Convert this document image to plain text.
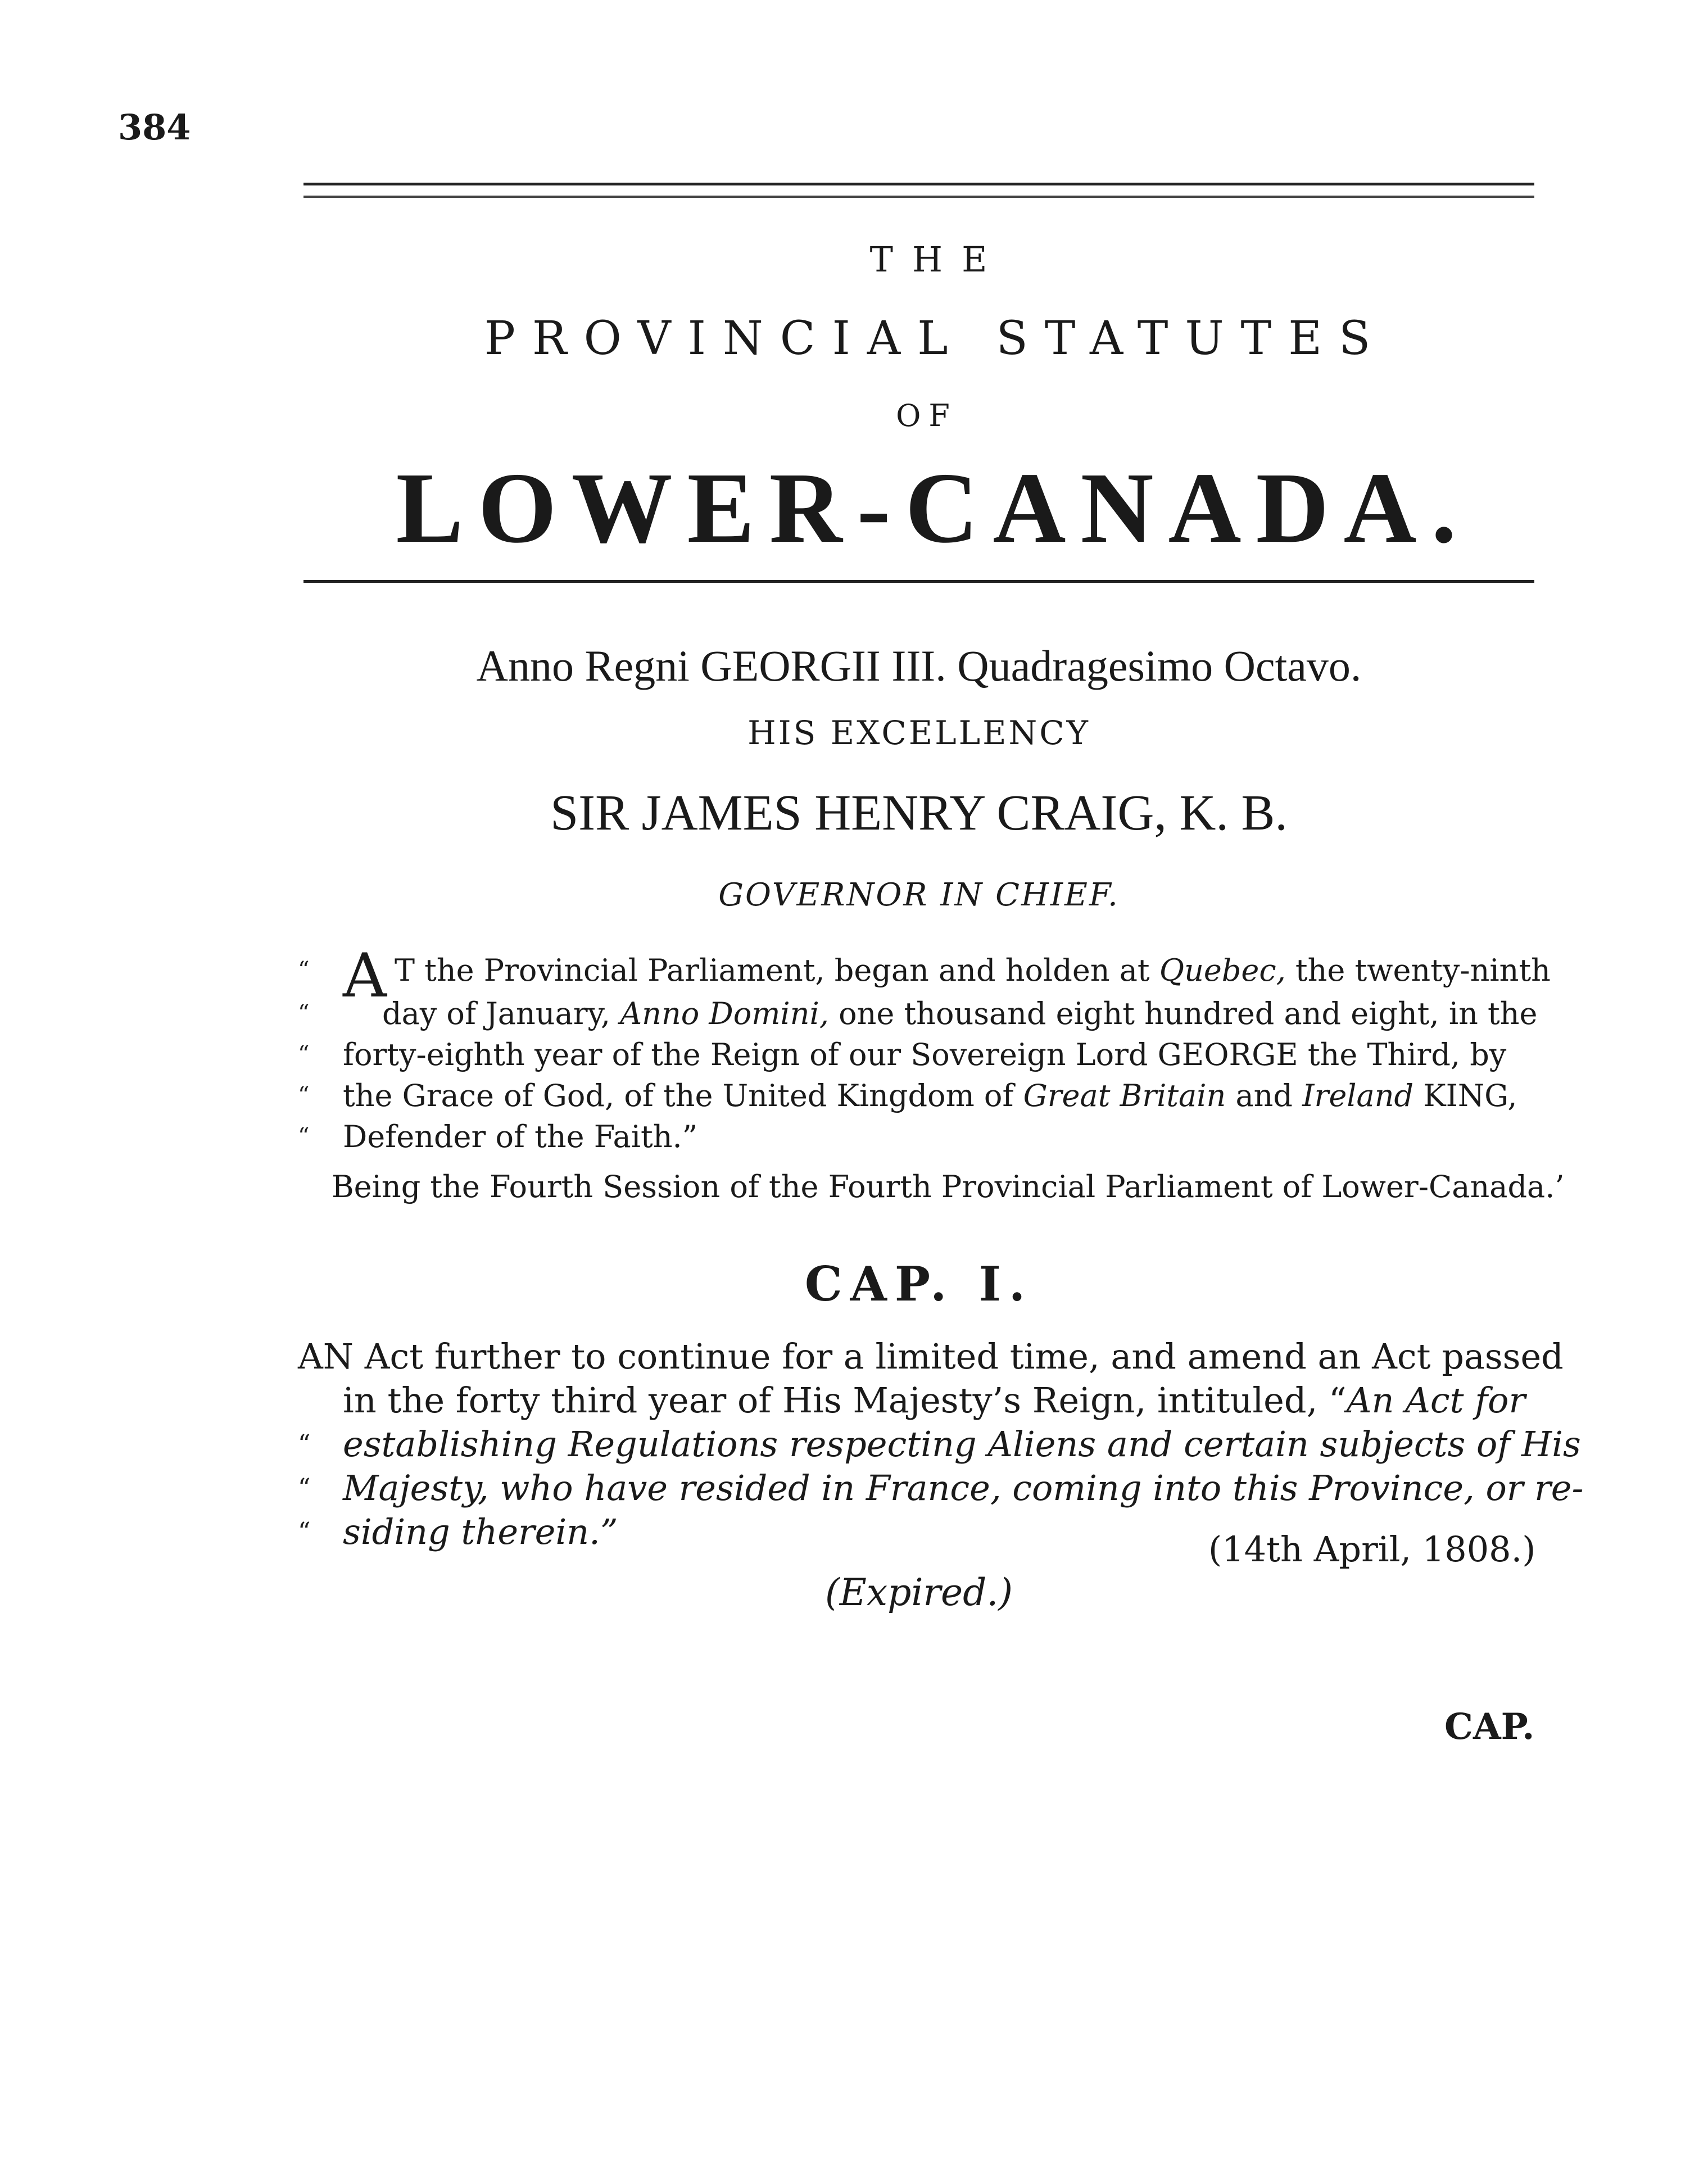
384
THE
PROVINCIAL STATUTES
OF
LOWER-CANADA.
Anno Regni GEORGII III. Quadragesimo Octavo.
HIS EXCELLENCY
SIR JAMES HENRY CRAIG, K. B.
GOVERNOR IN CHIEF.
“ A T the Provincial Parliament, began and holden at Quebec, the twenty-ninth
“ day of January, Anno Domini, one thousand eight hundred and eight, in the
“ forty-eighth year of the Reign of our Sovereign Lord GEORGE the Third, by
“ the Grace of God, of the United Kingdom of Great Britain and Ireland KING,
“ Defender of the Faith.”
Being the Fourth Session of the Fourth Provincial Parliament of Lower-Canada.’
CAP. I.
AN Act further to continue for a limited time, and amend an Act passed
in the forty third year of His Majesty’s Reign, intituled, “An Act for
“ establishing Regulations respecting Aliens and certain subjects of His
“ Majesty, who have resided in France, coming into this Province, or re-
“ siding therein.”	(14th April, 1808.)
(Expired.)
CAP.
